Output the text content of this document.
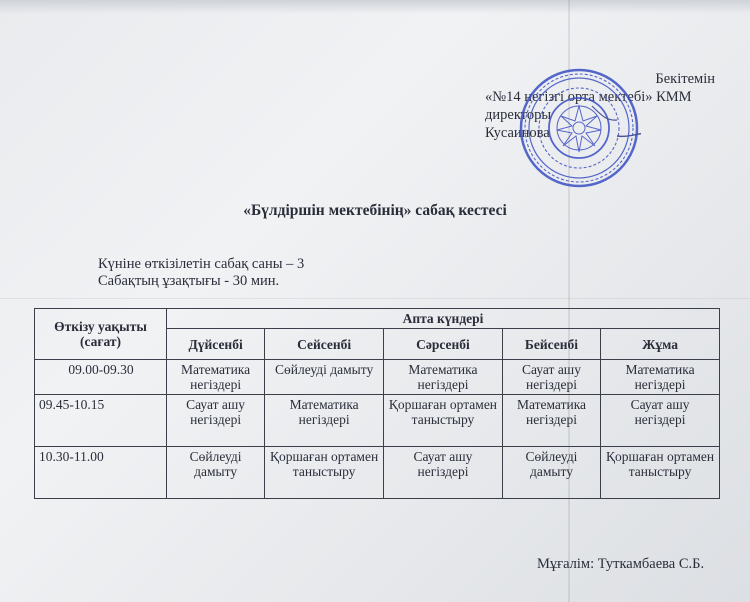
Бекітемін
«№14 негізгі орта мектебі» КММ
директоры
Кусаинова
«Бүлдіршін мектебінің» сабақ кестесі
Күніне өткізілетін сабақ саны – 3
Сабақтың ұзақтығы - 30 мин.
Өткізу уақыты (сағат)	Апта күндері				
	Дүйсенбі	Сейсенбі	Сәрсенбі	Бейсенбі	Жұма
09.00-09.30	Математика негіздері	Сөйлеуді дамыту	Математика негіздері	Сауат ашу негіздері	Математика негіздері
09.45-10.15	Сауат ашу негіздері	Математика негіздері	Қоршаған ортамен таныстыру	Математика негіздері	Сауат ашу негіздері
10.30-11.00	Сөйлеуді дамыту	Қоршаған ортамен таныстыру	Сауат ашу негіздері	Сөйлеуді дамыту	Қоршаған ортамен таныстыру
Мұғалім: Туткамбаева С.Б.
